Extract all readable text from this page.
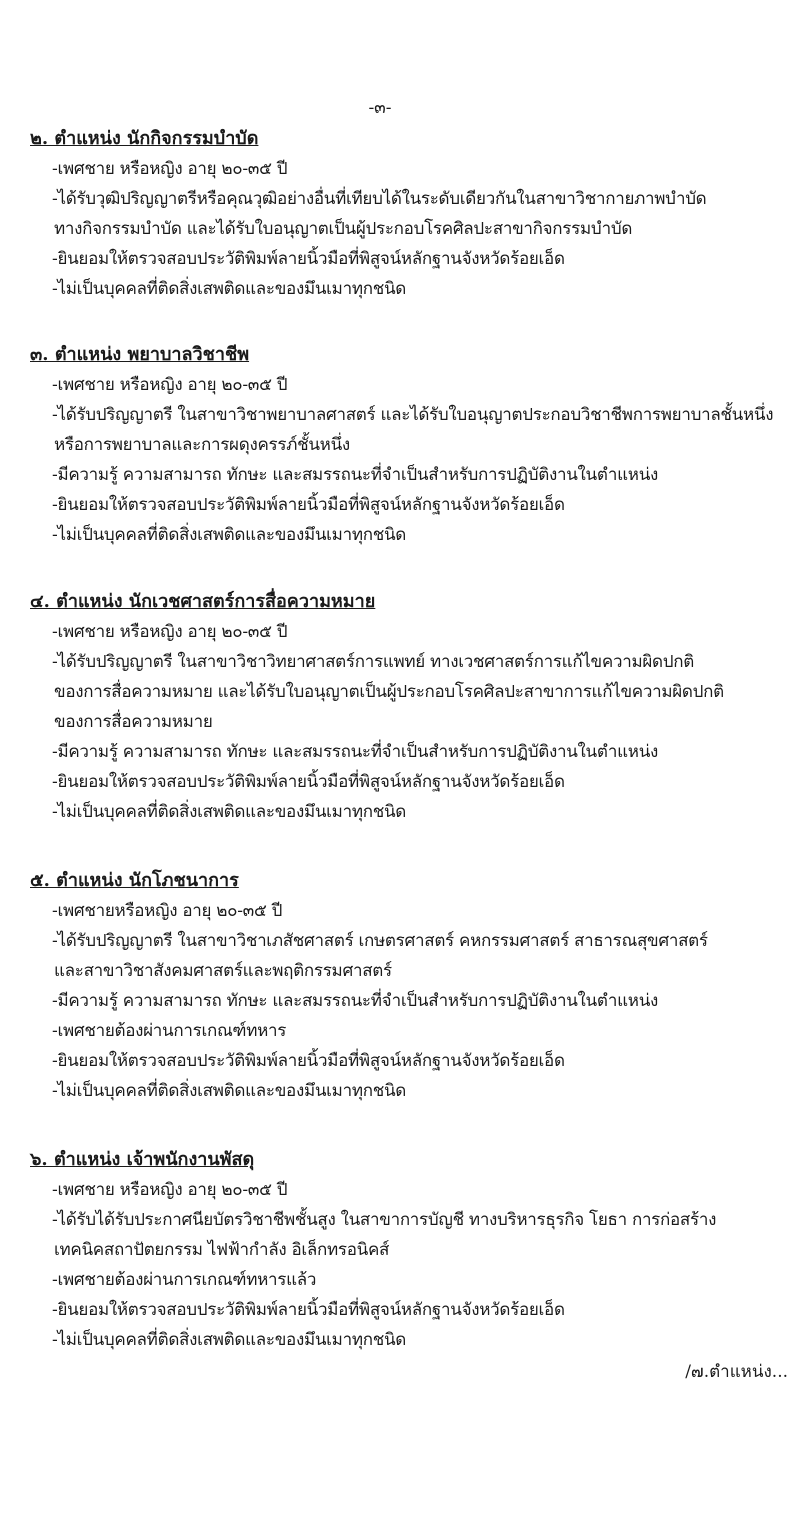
-๓-
๒. ตำแหน่ง นักกิจกรรมบำบัด
-เพศชาย หรือหญิง อายุ ๒๐-๓๕ ปี
-ได้รับวุฒิปริญญาตรีหรือคุณวุฒิอย่างอื่นที่เทียบได้ในระดับเดียวกันในสาขาวิชากายภาพบำบัด
ทางกิจกรรมบำบัด และได้รับใบอนุญาตเป็นผู้ประกอบโรคศิลปะสาขากิจกรรมบำบัด
-ยินยอมให้ตรวจสอบประวัติพิมพ์ลายนิ้วมือที่พิสูจน์หลักฐานจังหวัดร้อยเอ็ด
-ไม่เป็นบุคคลที่ติดสิ่งเสพติดและของมึนเมาทุกชนิด
๓. ตำแหน่ง พยาบาลวิชาชีพ
-เพศชาย หรือหญิง อายุ ๒๐-๓๕ ปี
-ได้รับปริญญาตรี ในสาขาวิชาพยาบาลศาสตร์ และได้รับใบอนุญาตประกอบวิชาชีพการพยาบาลชั้นหนึ่ง
หรือการพยาบาลและการผดุงครรภ์ชั้นหนึ่ง
-มีความรู้ ความสามารถ ทักษะ และสมรรถนะที่จำเป็นสำหรับการปฏิบัติงานในตำแหน่ง
-ยินยอมให้ตรวจสอบประวัติพิมพ์ลายนิ้วมือที่พิสูจน์หลักฐานจังหวัดร้อยเอ็ด
-ไม่เป็นบุคคลที่ติดสิ่งเสพติดและของมึนเมาทุกชนิด
๔. ตำแหน่ง นักเวชศาสตร์การสื่อความหมาย
-เพศชาย หรือหญิง อายุ ๒๐-๓๕ ปี
-ได้รับปริญญาตรี ในสาขาวิชาวิทยาศาสตร์การแพทย์ ทางเวชศาสตร์การแก้ไขความผิดปกติ
ของการสื่อความหมาย และได้รับใบอนุญาตเป็นผู้ประกอบโรคศิลปะสาขาการแก้ไขความผิดปกติ
ของการสื่อความหมาย
-มีความรู้ ความสามารถ ทักษะ และสมรรถนะที่จำเป็นสำหรับการปฏิบัติงานในตำแหน่ง
-ยินยอมให้ตรวจสอบประวัติพิมพ์ลายนิ้วมือที่พิสูจน์หลักฐานจังหวัดร้อยเอ็ด
-ไม่เป็นบุคคลที่ติดสิ่งเสพติดและของมึนเมาทุกชนิด
๕. ตำแหน่ง นักโภชนาการ
-เพศชายหรือหญิง อายุ ๒๐-๓๕ ปี
-ได้รับปริญญาตรี ในสาขาวิชาเภสัชศาสตร์ เกษตรศาสตร์ คหกรรมศาสตร์ สาธารณสุขศาสตร์
และสาขาวิชาสังคมศาสตร์และพฤติกรรมศาสตร์
-มีความรู้ ความสามารถ ทักษะ และสมรรถนะที่จำเป็นสำหรับการปฏิบัติงานในตำแหน่ง
-เพศชายต้องผ่านการเกณฑ์ทหาร
-ยินยอมให้ตรวจสอบประวัติพิมพ์ลายนิ้วมือที่พิสูจน์หลักฐานจังหวัดร้อยเอ็ด
-ไม่เป็นบุคคลที่ติดสิ่งเสพติดและของมึนเมาทุกชนิด
๖. ตำแหน่ง เจ้าพนักงานพัสดุ
-เพศชาย หรือหญิง อายุ ๒๐-๓๕ ปี
-ได้รับได้รับประกาศนียบัตรวิชาชีพชั้นสูง ในสาขาการบัญชี ทางบริหารธุรกิจ โยธา การก่อสร้าง
เทคนิคสถาปัตยกรรม ไฟฟ้ากำลัง อิเล็กทรอนิคส์
-เพศชายต้องผ่านการเกณฑ์ทหารแล้ว
-ยินยอมให้ตรวจสอบประวัติพิมพ์ลายนิ้วมือที่พิสูจน์หลักฐานจังหวัดร้อยเอ็ด
-ไม่เป็นบุคคลที่ติดสิ่งเสพติดและของมึนเมาทุกชนิด
/๗.ตำแหน่ง...
